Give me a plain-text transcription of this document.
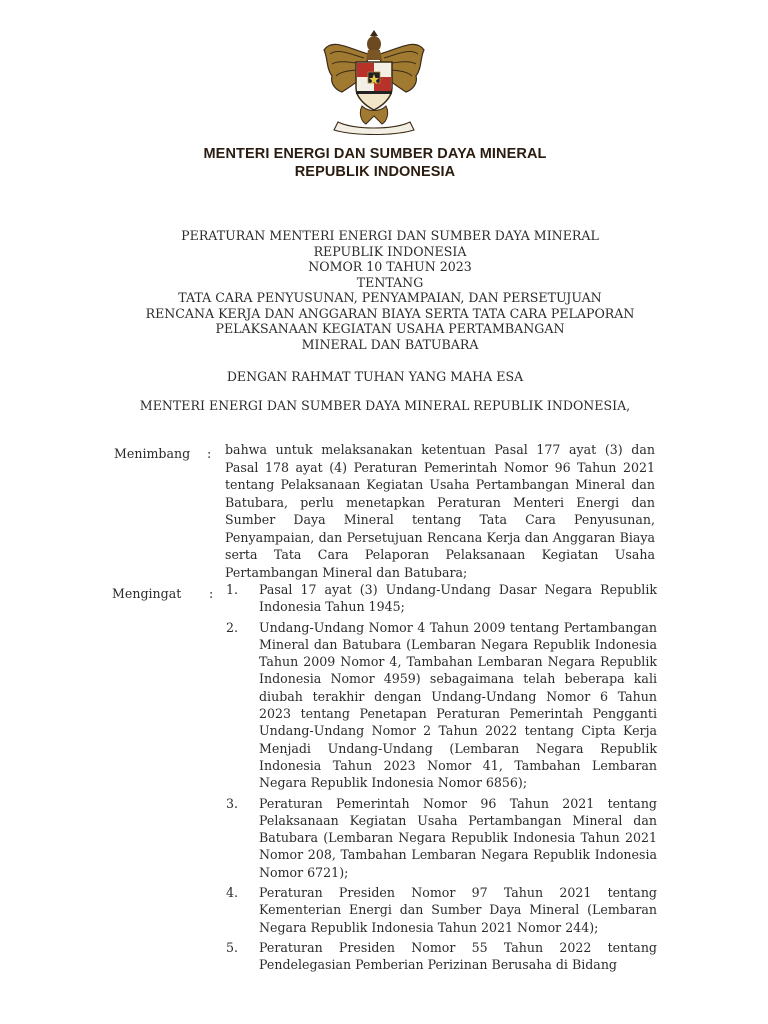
MENTERI ENERGI DAN SUMBER DAYA MINERAL
REPUBLIK INDONESIA
PERATURAN MENTERI ENERGI DAN SUMBER DAYA MINERAL
REPUBLIK INDONESIA
NOMOR 10 TAHUN 2023
TENTANG
TATA CARA PENYUSUNAN, PENYAMPAIAN, DAN PERSETUJUAN
RENCANA KERJA DAN ANGGARAN BIAYA SERTA TATA CARA PELAPORAN
PELAKSANAAN KEGIATAN USAHA PERTAMBANGAN
MINERAL DAN BATUBARA
DENGAN RAHMAT TUHAN YANG MAHA ESA
MENTERI ENERGI DAN SUMBER DAYA MINERAL REPUBLIK INDONESIA,
Menimbang : bahwa untuk melaksanakan ketentuan Pasal 177 ayat (3) dan Pasal 178 ayat (4) Peraturan Pemerintah Nomor 96 Tahun 2021 tentang Pelaksanaan Kegiatan Usaha Pertambangan Mineral dan Batubara, perlu menetapkan Peraturan Menteri Energi dan Sumber Daya Mineral tentang Tata Cara Penyusunan, Penyampaian, dan Persetujuan Rencana Kerja dan Anggaran Biaya serta Tata Cara Pelaporan Pelaksanaan Kegiatan Usaha Pertambangan Mineral dan Batubara;
Mengingat : 1. Pasal 17 ayat (3) Undang-Undang Dasar Negara Republik Indonesia Tahun 1945;
2. Undang-Undang Nomor 4 Tahun 2009 tentang Pertambangan Mineral dan Batubara (Lembaran Negara Republik Indonesia Tahun 2009 Nomor 4, Tambahan Lembaran Negara Republik Indonesia Nomor 4959) sebagaimana telah beberapa kali diubah terakhir dengan Undang-Undang Nomor 6 Tahun 2023 tentang Penetapan Peraturan Pemerintah Pengganti Undang-Undang Nomor 2 Tahun 2022 tentang Cipta Kerja Menjadi Undang-Undang (Lembaran Negara Republik Indonesia Tahun 2023 Nomor 41, Tambahan Lembaran Negara Republik Indonesia Nomor 6856);
3. Peraturan Pemerintah Nomor 96 Tahun 2021 tentang Pelaksanaan Kegiatan Usaha Pertambangan Mineral dan Batubara (Lembaran Negara Republik Indonesia Tahun 2021 Nomor 208, Tambahan Lembaran Negara Republik Indonesia Nomor 6721);
4. Peraturan Presiden Nomor 97 Tahun 2021 tentang Kementerian Energi dan Sumber Daya Mineral (Lembaran Negara Republik Indonesia Tahun 2021 Nomor 244);
5. Peraturan Presiden Nomor 55 Tahun 2022 tentang Pendelegasian Pemberian Perizinan Berusaha di Bidang
